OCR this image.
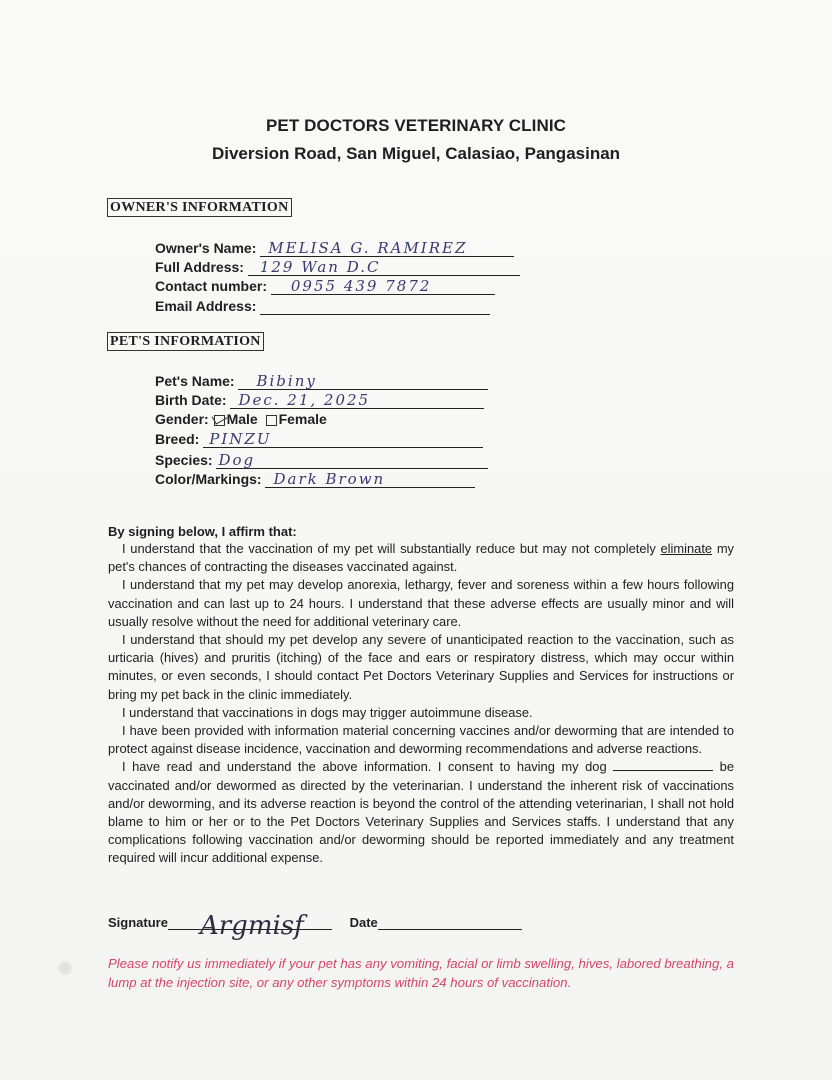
PET DOCTORS VETERINARY CLINIC
Diversion Road, San Miguel, Calasiao, Pangasinan
OWNER'S INFORMATION
Owner's Name: MELISA G. RAMIREZ
Full Address: 129 Wan D.C
Contact number: 0955 439 7872
Email Address:
PET'S INFORMATION
Pet's Name: Bibiny
Birth Date: Dec. 21, 2025
Gender: Male Female
Breed: PINZU
Species: Dog
Color/Markings: Dark Brown
By signing below, I affirm that:

I understand that the vaccination of my pet will substantially reduce but may not completely eliminate my pet's chances of contracting the diseases vaccinated against.

I understand that my pet may develop anorexia, lethargy, fever and soreness within a few hours following vaccination and can last up to 24 hours. I understand that these adverse effects are usually minor and will usually resolve without the need for additional veterinary care.

I understand that should my pet develop any severe of unanticipated reaction to the vaccination, such as urticaria (hives) and pruritis (itching) of the face and ears or respiratory distress, which may occur within minutes, or even seconds, I should contact Pet Doctors Veterinary Supplies and Services for instructions or bring my pet back in the clinic immediately.

I understand that vaccinations in dogs may trigger autoimmune disease.

I have been provided with information material concerning vaccines and/or deworming that are intended to protect against disease incidence, vaccination and deworming recommendations and adverse reactions.

I have read and understand the above information. I consent to having my dog	be vaccinated and/or dewormed as directed by the veterinarian. I understand the inherent risk of vaccinations and/or deworming, and its adverse reaction is beyond the control of the attending veterinarian, I shall not hold blame to him or her or to the Pet Doctors Veterinary Supplies and Services staffs. I understand that any complications following vaccination and/or deworming should be reported immediately and any treatment required will incur additional expense.

Signature Argmisf	Date
Please notify us immediately if your pet has any vomiting, facial or limb swelling, hives, labored breathing, a lump at the injection site, or any other symptoms within 24 hours of vaccination.
